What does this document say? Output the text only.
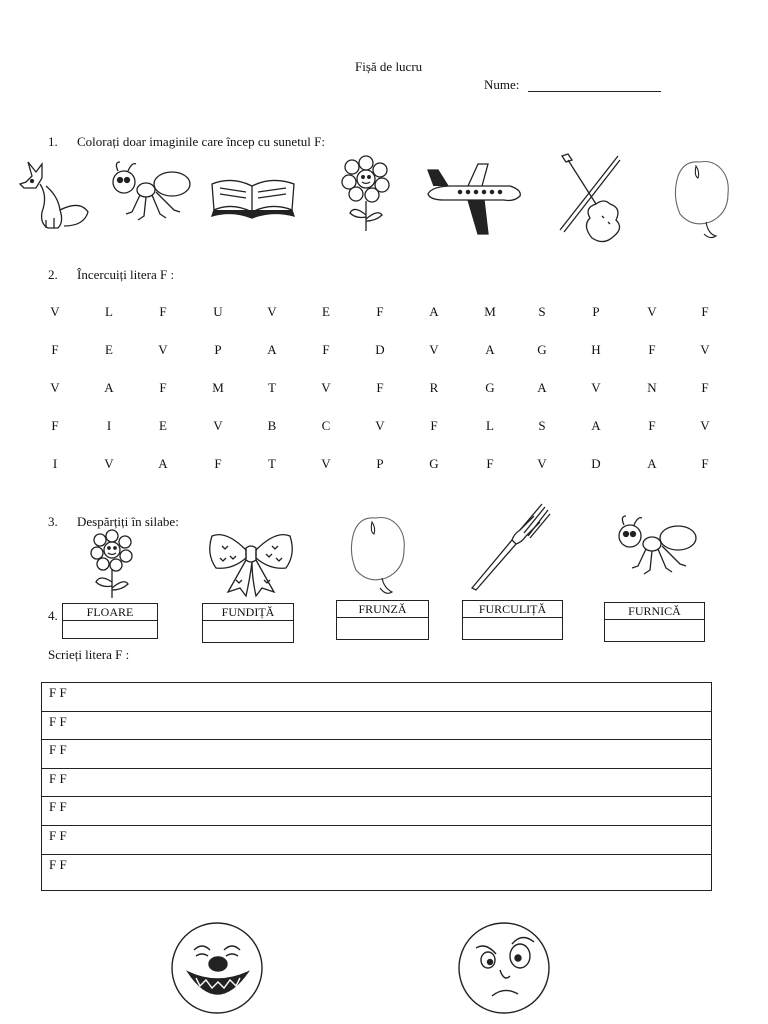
Fișă de lucru
Nume:
1. Colorați doar imaginile care încep cu sunetul F:
2. Încercuiți litera F :
V	L	F	U	V	E	F	A	M	S	P	V	F
F	E	V	P	A	F	D	V	A	G	H	F	V
V	A	F	M	T	V	F	R	G	A	V	N	F
F	I	E	V	B	C	V	F	L	S	A	F	V
I	V	A	F	T	V	P	G	F	V	D	A	F
3. Despărțiți în silabe:
FLOARE	FUNDIȚĂ	FRUNZĂ	FURCULIȚĂ	FURNICĂ
4.
Scrieți litera F :
F F
F F
F F
F F
F F
F F
F F
